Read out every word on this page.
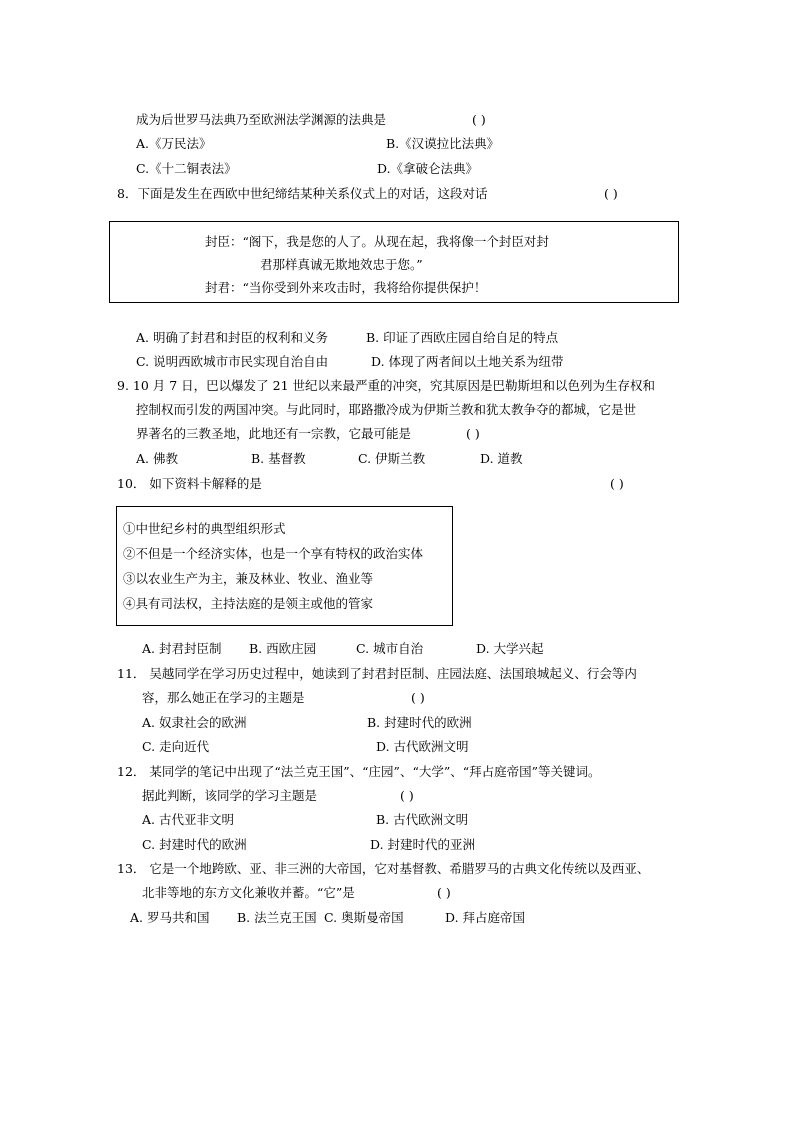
成为后世罗马法典乃至欧洲法学渊源的法典是	( )
A.《万民法》	B.《汉谟拉比法典》
C.《十二铜表法》	D.《拿破仑法典》
8．下面是发生在西欧中世纪缔结某种关系仪式上的对话，这段对话	( )
封臣：“阁下，我是您的人了。从现在起，我将像一个封臣对封
君那样真诚无欺地效忠于您。”
封君：“当你受到外来攻击时，我将给你提供保护！
A. 明确了封君和封臣的权利和义务	B. 印证了西欧庄园自给自足的特点
C. 说明西欧城市市民实现自治自由	D. 体现了两者间以土地关系为纽带
9. 10 月 7 日，巴以爆发了 21 世纪以来最严重的冲突，究其原因是巴勒斯坦和以色列为生存权和
控制权而引发的两国冲突。与此同时，耶路撒冷成为伊斯兰教和犹太教争夺的都城，它是世
界著名的三教圣地，此地还有一宗教，它最可能是	( )
A. 佛教	B. 基督教	C. 伊斯兰教	D. 道教
10． 如下资料卡解释的是	( )
①中世纪乡村的典型组织形式
②不但是一个经济实体，也是一个享有特权的政治实体
③以农业生产为主，兼及林业、牧业、渔业等
④具有司法权，主持法庭的是领主或他的管家
A. 封君封臣制 B. 西欧庄园	C. 城市自治	D. 大学兴起
11． 吴越同学在学习历史过程中，她读到了封君封臣制、庄园法庭、法国琅城起义、行会等内
容，那么她正在学习的主题是	( )
A. 奴隶社会的欧洲	B. 封建时代的欧洲
C. 走向近代	D. 古代欧洲文明
12． 某同学的笔记中出现了“法兰克王国”、“庄园”、“大学”、“拜占庭帝国”等关键词。
据此判断，该同学的学习主题是	( )
A. 古代亚非文明	B. 古代欧洲文明
C. 封建时代的欧洲	D. 封建时代的亚洲
13． 它是一个地跨欧、亚、非三洲的大帝国，它对基督教、希腊罗马的古典文化传统以及西亚、
北非等地的东方文化兼收并蓄。“它”是	( )
A. 罗马共和国 B. 法兰克王国 C. 奥斯曼帝国	D. 拜占庭帝国
